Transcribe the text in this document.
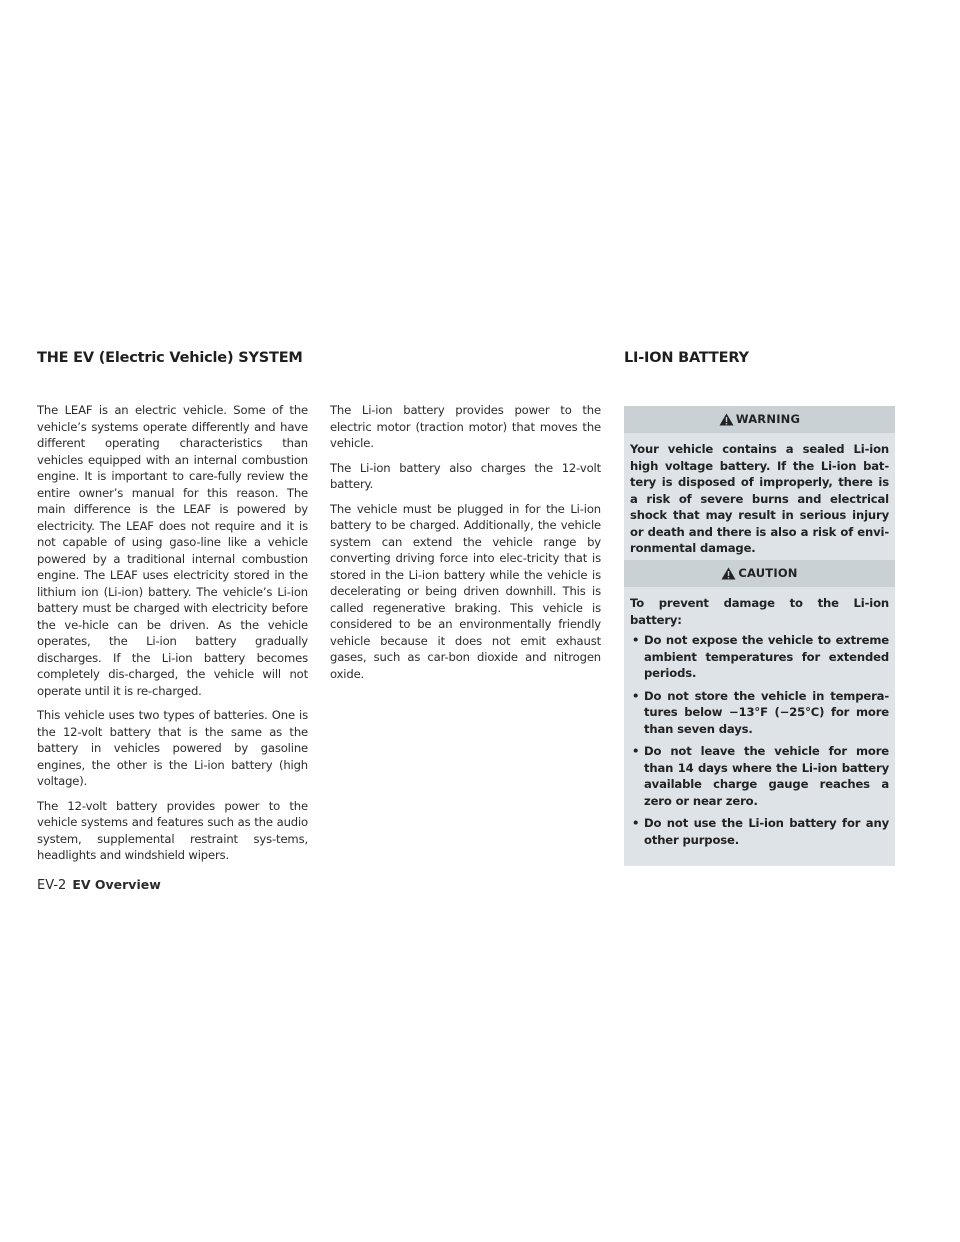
THE EV (Electric Vehicle) SYSTEM	LI-ION BATTERY

The LEAF is an electric vehicle. Some of the vehicle’s systems operate differently and have different operating characteristics than vehicles equipped with an internal combustion engine. It is important to care-fully review the entire owner’s manual for this reason. The main difference is the LEAF is powered by electricity. The LEAF does not require and it is not capable of using gaso-line like a vehicle powered by a traditional internal combustion engine. The LEAF uses electricity stored in the lithium ion (Li-ion) battery. The vehicle’s Li-ion battery must be charged with electricity before the ve-hicle can be driven. As the vehicle operates, the Li-ion battery gradually discharges. If the Li-ion battery becomes completely dis-charged, the vehicle will not operate until it is re-charged.

This vehicle uses two types of batteries. One is the 12-volt battery that is the same as the battery in vehicles powered by gasoline engines, the other is the Li-ion battery (high voltage).

The 12-volt battery provides power to the vehicle systems and features such as the audio system, supplemental restraint sys-tems, headlights and windshield wipers.

The Li-ion battery provides power to the electric motor (traction motor) that moves the vehicle.

The Li-ion battery also charges the 12-volt battery.

The vehicle must be plugged in for the Li-ion battery to be charged. Additionally, the vehicle system can extend the vehicle range by converting driving force into elec-tricity that is stored in the Li-ion battery while the vehicle is decelerating or being driven downhill. This is called regenerative braking. This vehicle is considered to be an environmentally friendly vehicle because it does not emit exhaust gases, such as car-bon dioxide and nitrogen oxide.

WARNING
Your vehicle contains a sealed Li-ion high voltage battery. If the Li-ion bat-tery is disposed of improperly, there is a risk of severe burns and electrical shock that may result in serious injury or death and there is also a risk of envi-ronmental damage.
CAUTION
To prevent damage to the Li-ion battery:
• Do not expose the vehicle to extreme ambient temperatures for extended periods.
• Do not store the vehicle in tempera-tures below −13°F (−25°C) for more than seven days.
• Do not leave the vehicle for more than 14 days where the Li-ion battery available charge gauge reaches a zero or near zero.
• Do not use the Li-ion battery for any other purpose.
EV-2 EV Overview
